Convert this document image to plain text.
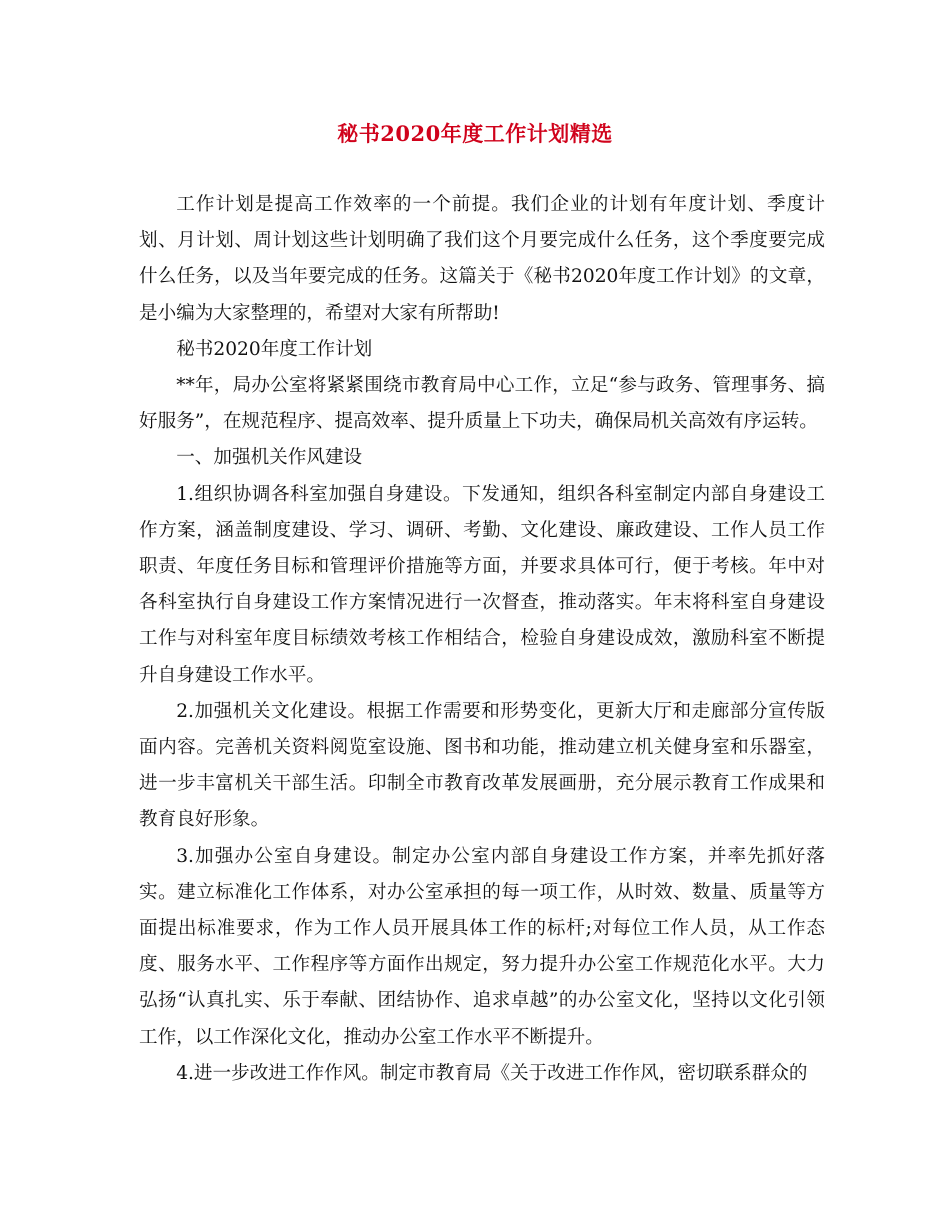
秘书2020年度工作计划精选

工作计划是提高工作效率的一个前提。我们企业的计划有年度计划、季度计划、月计划、周计划这些计划明确了我们这个月要完成什么任务，这个季度要完成什么任务，以及当年要完成的任务。这篇关于《秘书2020年度工作计划》的文章，是小编为大家整理的，希望对大家有所帮助!

秘书2020年度工作计划

**年，局办公室将紧紧围绕市教育局中心工作，立足“参与政务、管理事务、搞好服务”，在规范程序、提高效率、提升质量上下功夫，确保局机关高效有序运转。

一、加强机关作风建设

1.组织协调各科室加强自身建设。下发通知，组织各科室制定内部自身建设工作方案，涵盖制度建设、学习、调研、考勤、文化建设、廉政建设、工作人员工作职责、年度任务目标和管理评价措施等方面，并要求具体可行，便于考核。年中对各科室执行自身建设工作方案情况进行一次督查，推动落实。年末将科室自身建设工作与对科室年度目标绩效考核工作相结合，检验自身建设成效，激励科室不断提升自身建设工作水平。

2.加强机关文化建设。根据工作需要和形势变化，更新大厅和走廊部分宣传版面内容。完善机关资料阅览室设施、图书和功能，推动建立机关健身室和乐器室，进一步丰富机关干部生活。印制全市教育改革发展画册，充分展示教育工作成果和教育良好形象。

3.加强办公室自身建设。制定办公室内部自身建设工作方案，并率先抓好落实。建立标准化工作体系，对办公室承担的每一项工作，从时效、数量、质量等方面提出标准要求，作为工作人员开展具体工作的标杆;对每位工作人员，从工作态度、服务水平、工作程序等方面作出规定，努力提升办公室工作规范化水平。大力弘扬“认真扎实、乐于奉献、团结协作、追求卓越”的办公室文化，坚持以文化引领工作，以工作深化文化，推动办公室工作水平不断提升。

4.进一步改进工作作风。制定市教育局《关于改进工作作风，密切联系群众的
